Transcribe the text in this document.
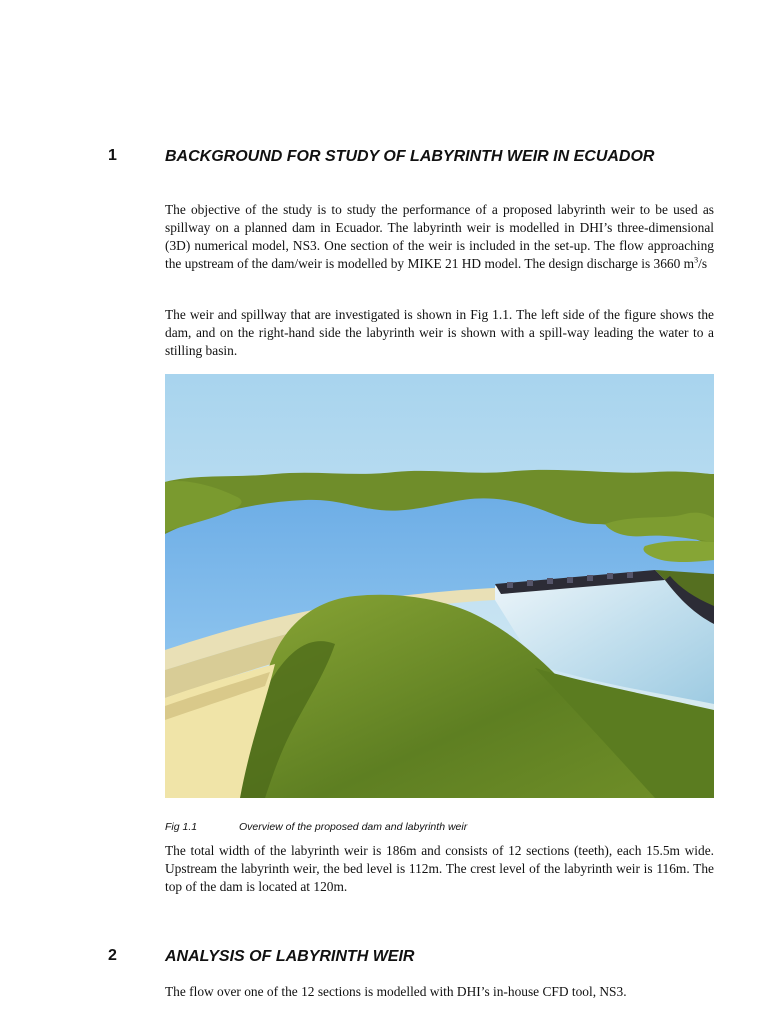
1	BACKGROUND FOR STUDY OF LABYRINTH WEIR IN ECUADOR

The objective of the study is to study the performance of a proposed labyrinth weir to be used as spillway on a planned dam in Ecuador. The labyrinth weir is modelled in DHI’s three-dimensional (3D) numerical model, NS3. One section of the weir is included in the set-up. The flow approaching the upstream of the dam/weir is modelled by MIKE 21 HD model. The design discharge is 3660 $m^3/s$

The weir and spillway that are investigated is shown in Fig 1.1. The left side of the figure shows the dam, and on the right-hand side the labyrinth weir is shown with a spill-way leading the water to a stilling basin.

Fig 1.1	Overview of the proposed dam and labyrinth weir

The total width of the labyrinth weir is 186m and consists of 12 sections (teeth), each 15.5m wide. Upstream the labyrinth weir, the bed level is 112m. The crest level of the labyrinth weir is 116m. The top of the dam is located at 120m.

2	ANALYSIS OF LABYRINTH WEIR

The flow over one of the 12 sections is modelled with DHI’s in-house CFD tool, NS3.
